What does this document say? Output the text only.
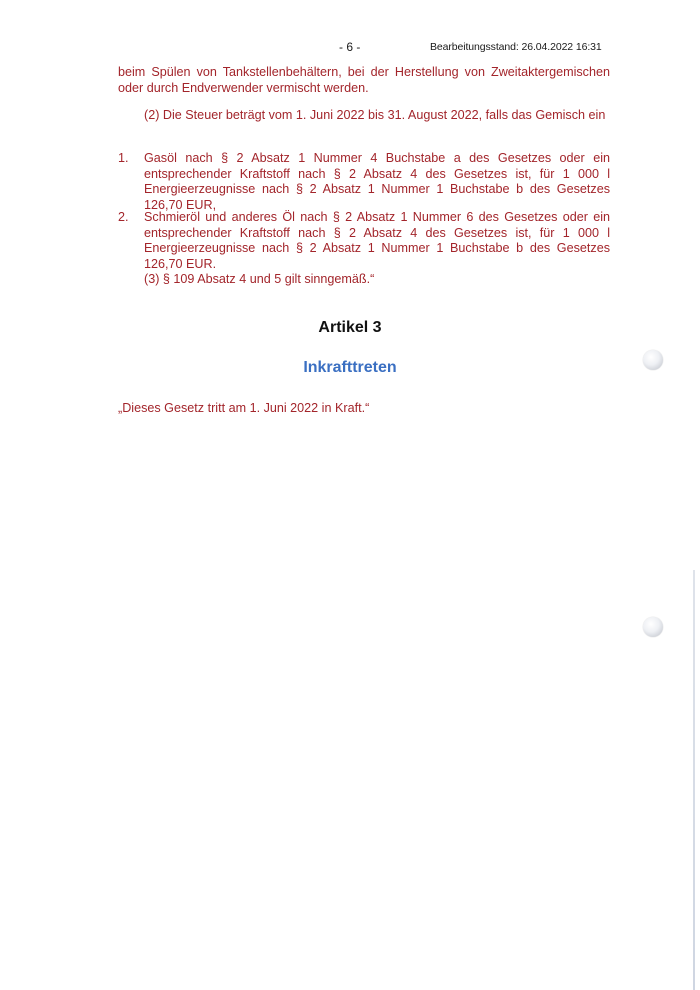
- 6 -	Bearbeitungsstand: 26.04.2022 16:31
beim Spülen von Tankstellenbehältern, bei der Herstellung von Zweitaktergemischen oder durch Endverwender vermischt werden.
(2) Die Steuer beträgt vom 1. Juni 2022 bis 31. August 2022, falls das Gemisch ein
1. Gasöl nach § 2 Absatz 1 Nummer 4 Buchstabe a des Gesetzes oder ein entsprechender Kraftstoff nach § 2 Absatz 4 des Gesetzes ist, für 1 000 l Energieerzeugnisse nach § 2 Absatz 1 Nummer 1 Buchstabe b des Gesetzes 126,70 EUR,
2. Schmieröl und anderes Öl nach § 2 Absatz 1 Nummer 6 des Gesetzes oder ein entsprechender Kraftstoff nach § 2 Absatz 4 des Gesetzes ist, für 1 000 l Energieerzeugnisse nach § 2 Absatz 1 Nummer 1 Buchstabe b des Gesetzes 126,70 EUR.
(3) § 109 Absatz 4 und 5 gilt sinngemäß.“
Artikel 3
Inkrafttreten
„Dieses Gesetz tritt am 1. Juni 2022 in Kraft.“
